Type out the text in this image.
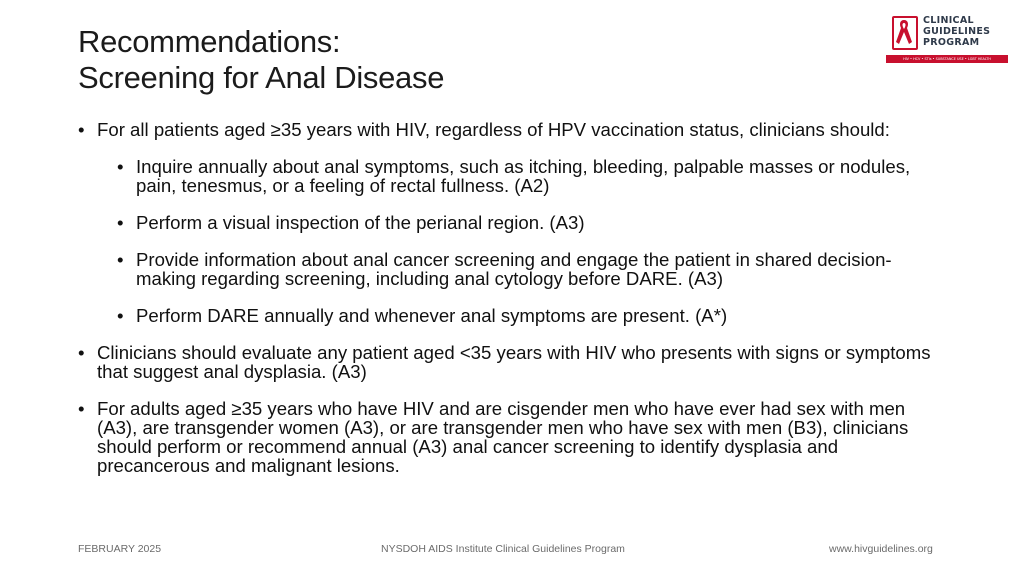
Recommendations:
Screening for Anal Disease
CLINICAL
GUIDELINES
PROGRAM
HIV • HCV • STIs • SUBSTANCE USE • LGBT HEALTH
• For all patients aged ≥35 years with HIV, regardless of HPV vaccination status, clinicians should:
• Inquire annually about anal symptoms, such as itching, bleeding, palpable masses or nodules, pain, tenesmus, or a feeling of rectal fullness. (A2)
• Perform a visual inspection of the perianal region. (A3)
• Provide information about anal cancer screening and engage the patient in shared decision-making regarding screening, including anal cytology before DARE. (A3)
• Perform DARE annually and whenever anal symptoms are present. (A*)
• Clinicians should evaluate any patient aged <35 years with HIV who presents with signs or symptoms that suggest anal dysplasia. (A3)
• For adults aged ≥35 years who have HIV and are cisgender men who have ever had sex with men (A3), are transgender women (A3), or are transgender men who have sex with men (B3), clinicians should perform or recommend annual (A3) anal cancer screening to identify dysplasia and precancerous and malignant lesions.
FEBRUARY 2025	NYSDOH AIDS Institute Clinical Guidelines Program	www.hivguidelines.org
